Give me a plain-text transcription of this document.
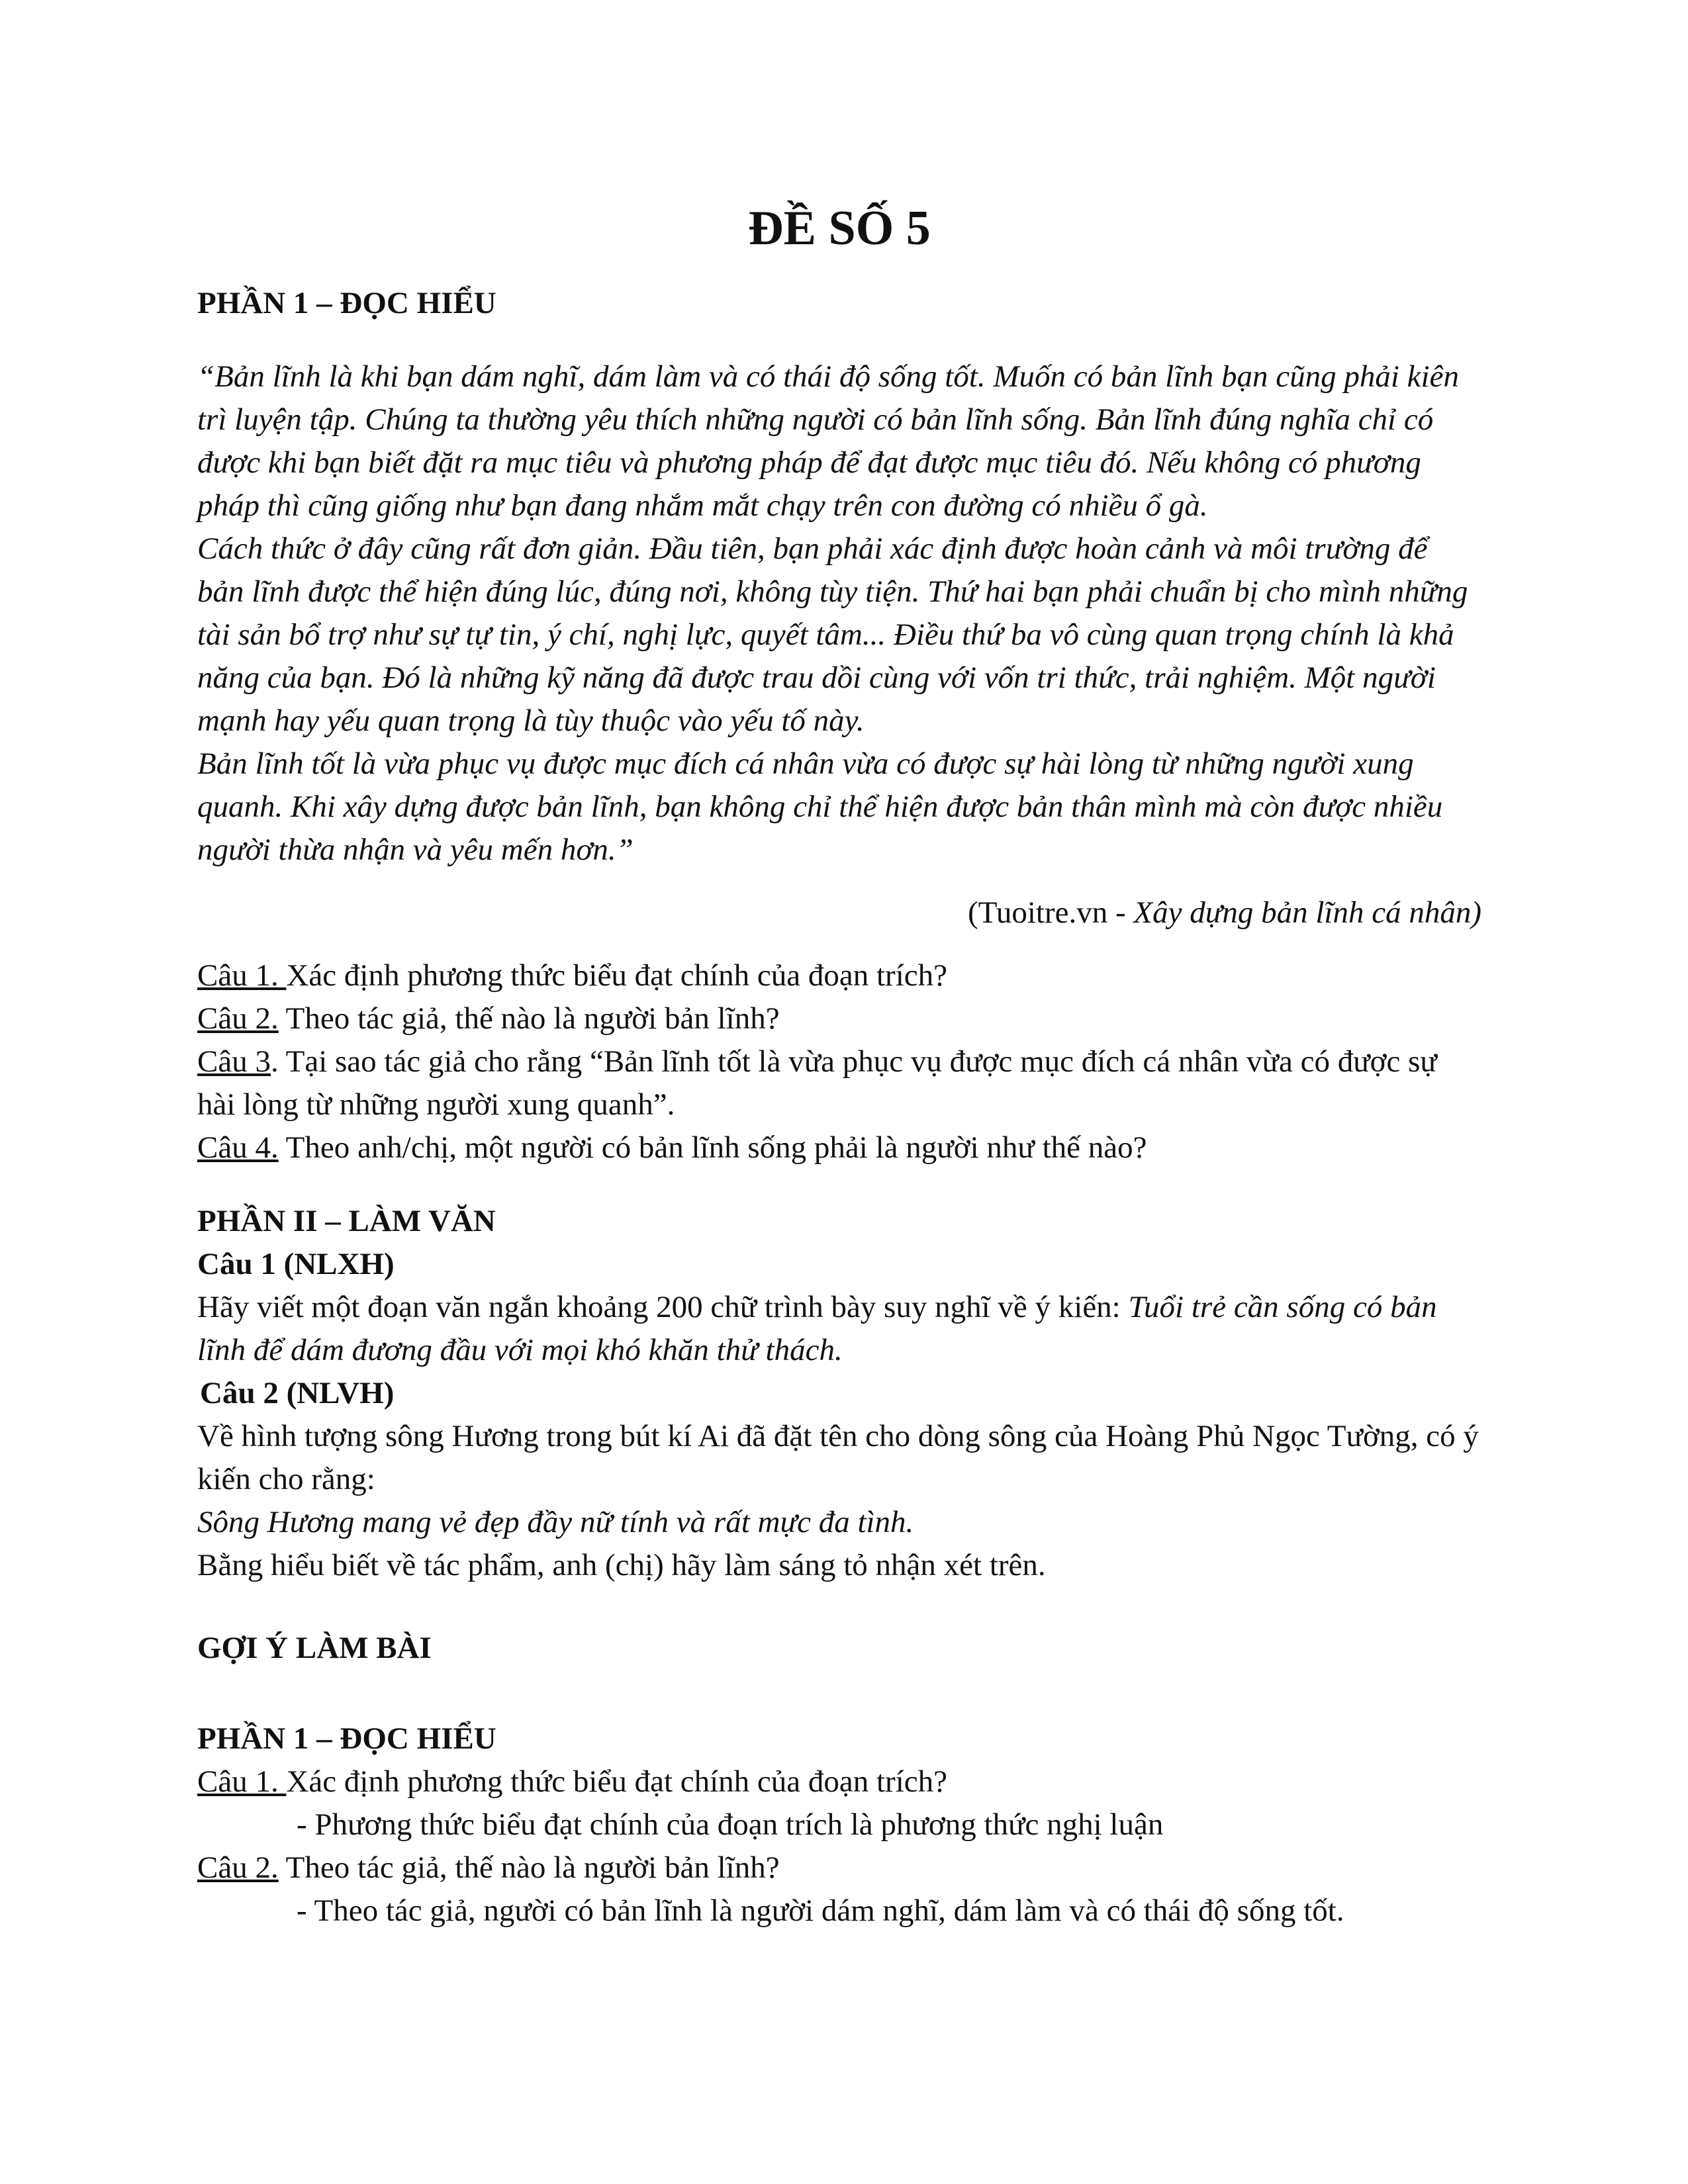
ĐỀ SỐ 5

PHẦN 1 – ĐỌC HIỂU

“Bản lĩnh là khi bạn dám nghĩ, dám làm và có thái độ sống tốt. Muốn có bản lĩnh bạn cũng phải kiên trì luyện tập. Chúng ta thường yêu thích những người có bản lĩnh sống. Bản lĩnh đúng nghĩa chỉ có được khi bạn biết đặt ra mục tiêu và phương pháp để đạt được mục tiêu đó. Nếu không có phương pháp thì cũng giống như bạn đang nhắm mắt chạy trên con đường có nhiều ổ gà.

Cách thức ở đây cũng rất đơn giản. Đầu tiên, bạn phải xác định được hoàn cảnh và môi trường để bản lĩnh được thể hiện đúng lúc, đúng nơi, không tùy tiện. Thứ hai bạn phải chuẩn bị cho mình những tài sản bổ trợ như sự tự tin, ý chí, nghị lực, quyết tâm... Điều thứ ba vô cùng quan trọng chính là khả năng của bạn. Đó là những kỹ năng đã được trau dồi cùng với vốn tri thức, trải nghiệm. Một người mạnh hay yếu quan trọng là tùy thuộc vào yếu tố này.

Bản lĩnh tốt là vừa phục vụ được mục đích cá nhân vừa có được sự hài lòng từ những người xung quanh. Khi xây dựng được bản lĩnh, bạn không chỉ thể hiện được bản thân mình mà còn được nhiều người thừa nhận và yêu mến hơn.”

(Tuoitre.vn - Xây dựng bản lĩnh cá nhân)

Câu 1. Xác định phương thức biểu đạt chính của đoạn trích?

Câu 2. Theo tác giả, thế nào là người bản lĩnh?

Câu 3. Tại sao tác giả cho rằng “Bản lĩnh tốt là vừa phục vụ được mục đích cá nhân vừa có được sự hài lòng từ những người xung quanh”.

Câu 4. Theo anh/chị, một người có bản lĩnh sống phải là người như thế nào?

PHẦN II – LÀM VĂN

Câu 1 (NLXH)

Hãy viết một đoạn văn ngắn khoảng 200 chữ trình bày suy nghĩ về ý kiến: Tuổi trẻ cần sống có bản lĩnh để dám đương đầu với mọi khó khăn thử thách.

Câu 2 (NLVH)

Về hình tượng sông Hương trong bút kí Ai đã đặt tên cho dòng sông của Hoàng Phủ Ngọc Tường, có ý kiến cho rằng:

Sông Hương mang vẻ đẹp đầy nữ tính và rất mực đa tình.

Bằng hiểu biết về tác phẩm, anh (chị) hãy làm sáng tỏ nhận xét trên.

GỢI Ý LÀM BÀI

PHẦN 1 – ĐỌC HIỂU

Câu 1. Xác định phương thức biểu đạt chính của đoạn trích?

- Phương thức biểu đạt chính của đoạn trích là phương thức nghị luận

Câu 2. Theo tác giả, thế nào là người bản lĩnh?

- Theo tác giả, người có bản lĩnh là người dám nghĩ, dám làm và có thái độ sống tốt.
